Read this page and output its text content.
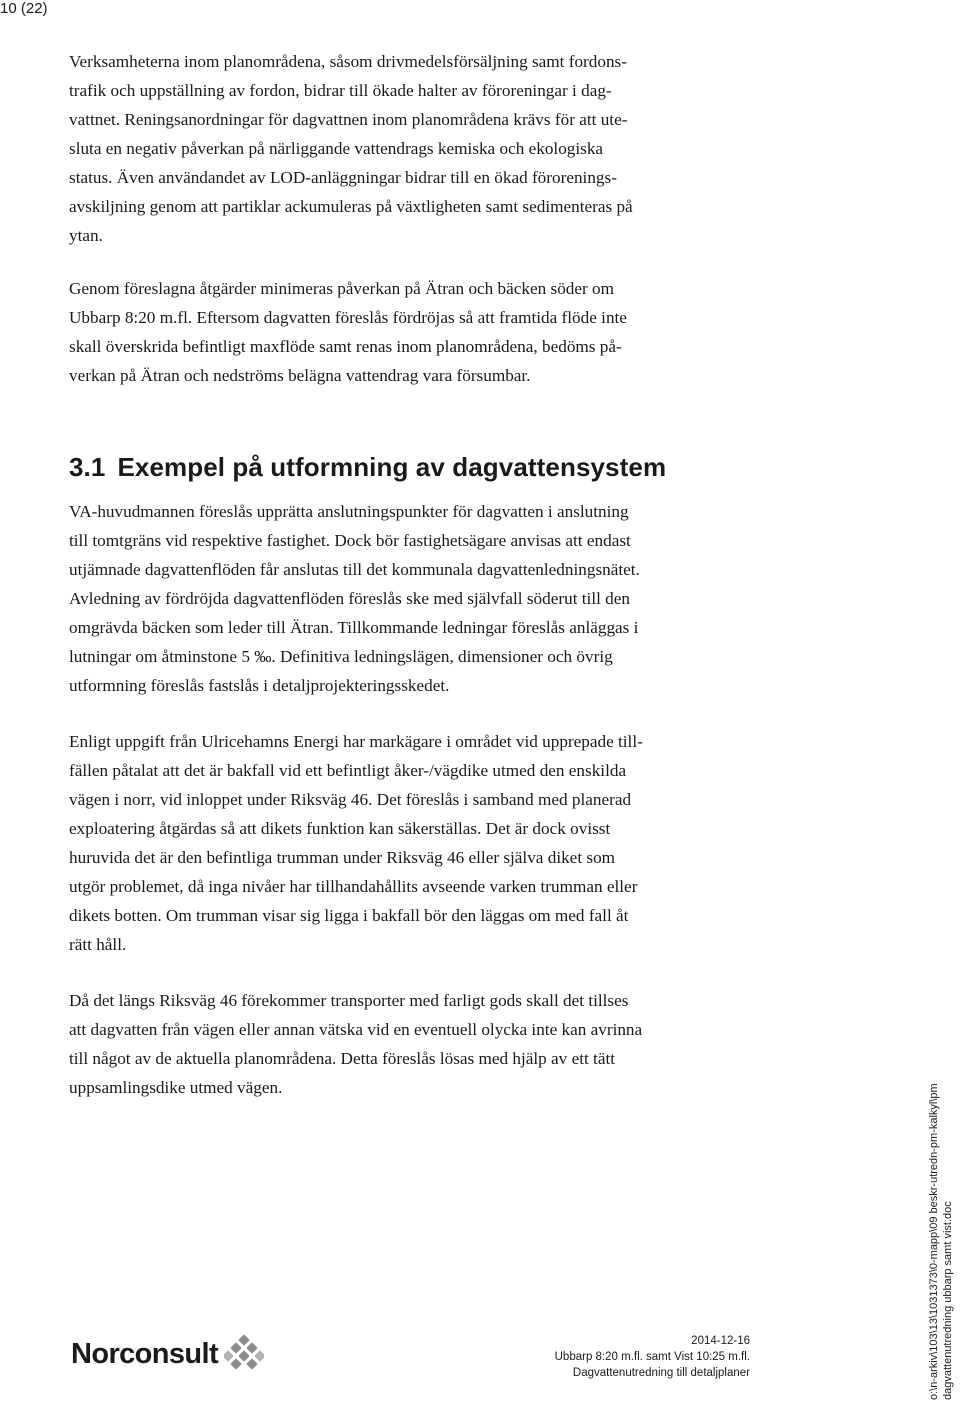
10 (22)

Verksamheterna inom planområdena, såsom drivmedelsförsäljning samt fordons-
trafik och uppställning av fordon, bidrar till ökade halter av föroreningar i dag-
vattnet. Reningsanordningar för dagvattnen inom planområdena krävs för att ute-
sluta en negativ påverkan på närliggande vattendrags kemiska och ekologiska
status. Även användandet av LOD-anläggningar bidrar till en ökad förorenings-
avskiljning genom att partiklar ackumuleras på växtligheten samt sedimenteras på
ytan.

Genom föreslagna åtgärder minimeras påverkan på Ätran och bäcken söder om
Ubbarp 8:20 m.fl. Eftersom dagvatten föreslås fördröjas så att framtida flöde inte
skall överskrida befintligt maxflöde samt renas inom planområdena, bedöms på-
verkan på Ätran och nedströms belägna vattendrag vara försumbar.

3.1 Exempel på utformning av dagvattensystem

VA-huvudmannen föreslås upprätta anslutningspunkter för dagvatten i anslutning
till tomtgräns vid respektive fastighet. Dock bör fastighetsägare anvisas att endast
utjämnade dagvattenflöden får anslutas till det kommunala dagvattenledningsnätet.
Avledning av fördröjda dagvattenflöden föreslås ske med självfall söderut till den
omgrävda bäcken som leder till Ätran. Tillkommande ledningar föreslås anläggas i
lutningar om åtminstone 5 ‰. Definitiva ledningslägen, dimensioner och övrig
utformning föreslås fastslås i detaljprojekteringsskedet.

Enligt uppgift från Ulricehamns Energi har markägare i området vid upprepade till-
fällen påtalat att det är bakfall vid ett befintligt åker-/vägdike utmed den enskilda
vägen i norr, vid inloppet under Riksväg 46. Det föreslås i samband med planerad
exploatering åtgärdas så att dikets funktion kan säkerställas. Det är dock ovisst
huruvida det är den befintliga trumman under Riksväg 46 eller själva diket som
utgör problemet, då inga nivåer har tillhandahållits avseende varken trumman eller
dikets botten. Om trumman visar sig ligga i bakfall bör den läggas om med fall åt
rätt håll.

Då det längs Riksväg 46 förekommer transporter med farligt gods skall det tillses
att dagvatten från vägen eller annan vätska vid en eventuell olycka inte kan avrinna
till något av de aktuella planområdena. Detta föreslås lösas med hjälp av ett tätt
uppsamlingsdike utmed vägen.

Norconsult	2014-12-16
Ubbarp 8:20 m.fl. samt Vist 10:25 m.fl.
Dagvattenutredning till detaljplaner	o:\n-arkiv\103\13\1031373\0-mapp\09 beskr-utredn-pm-kalkyl\pm dagvattenutredning ubbarp samt vist.doc
